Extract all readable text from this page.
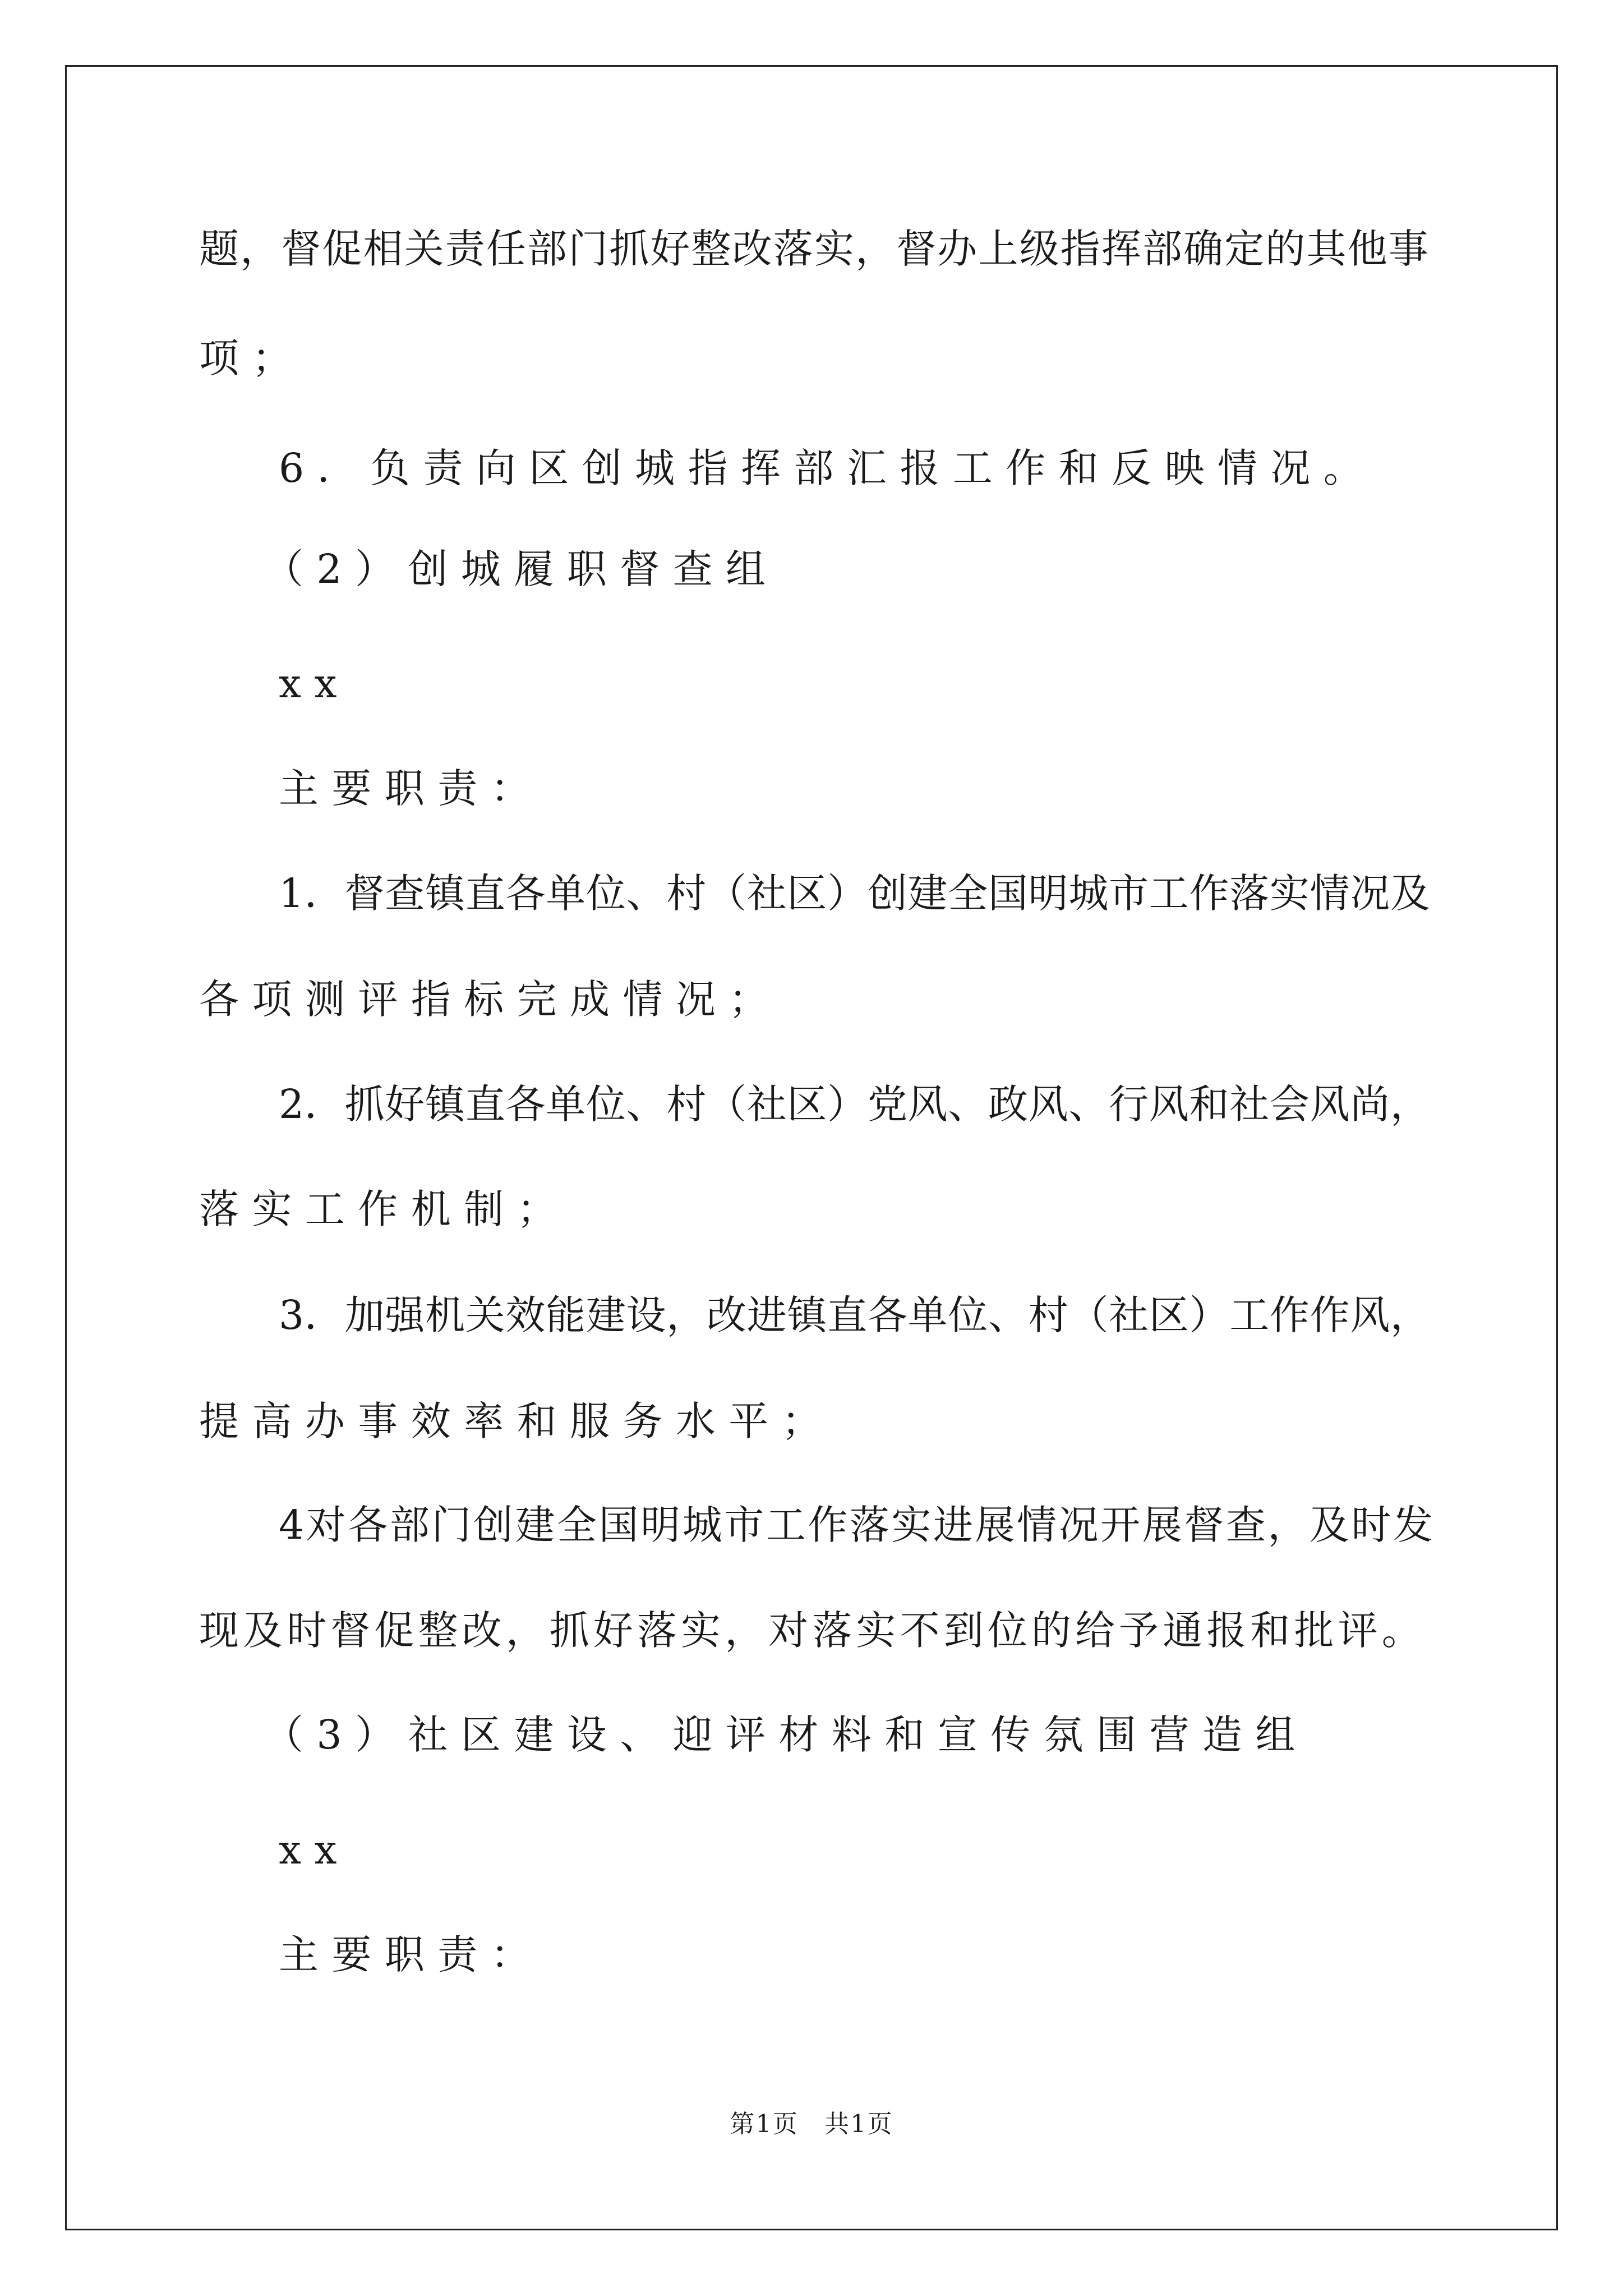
题，督促相关责任部门抓好整改落实，督办上级指挥部确定的其他事
项；
6．负责向区创城指挥部汇报工作和反映情况。
（2）创城履职督查组
xx
主要职责：
1．督查镇直各单位、村（社区）创建全国明城市工作落实情况及
各项测评指标完成情况；
2．抓好镇直各单位、村（社区）党风、政风、行风和社会风尚，
落实工作机制；
3．加强机关效能建设，改进镇直各单位、村（社区）工作作风，
提高办事效率和服务水平；
4对各部门创建全国明城市工作落实进展情况开展督查，及时发
现及时督促整改，抓好落实，对落实不到位的给予通报和批评。
（3）社区建设、迎评材料和宣传氛围营造组
xx
主要职责：
第1页　共1页
